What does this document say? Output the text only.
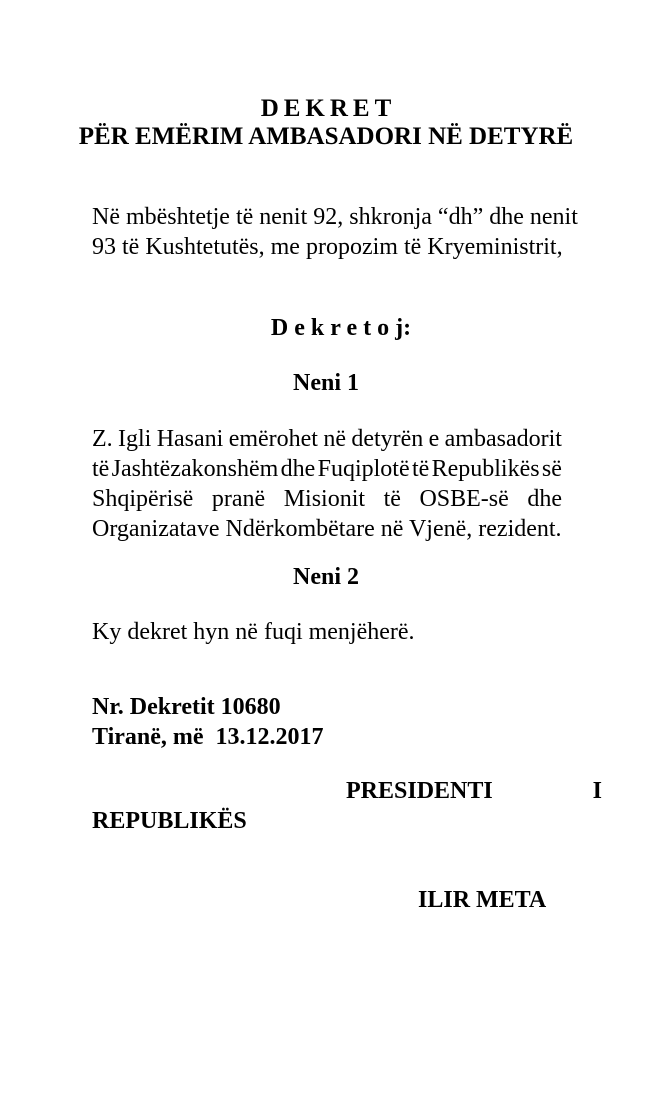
DEKRET
PËR EMËRIM AMBASADORI NË DETYRË
Në mbështetje të nenit 92, shkronja “dh” dhe nenit
93 të Kushtetutës, me propozim të Kryeministrit,
D e k r e t o j:
Neni 1
Z. Igli Hasani emërohet në detyrën e ambasadorit
të Jashtëzakonshëm dhe Fuqiplotë të Republikës së
Shqipërisë pranë Misionit të OSBE-së dhe
Organizatave Ndërkombëtare në Vjenë, rezident.
Neni 2
Ky dekret hyn në fuqi menjëherë.
Nr. Dekretit 10680
Tiranë, më  13.12.2017
PRESIDENTI	I
REPUBLIKËS
ILIR META
